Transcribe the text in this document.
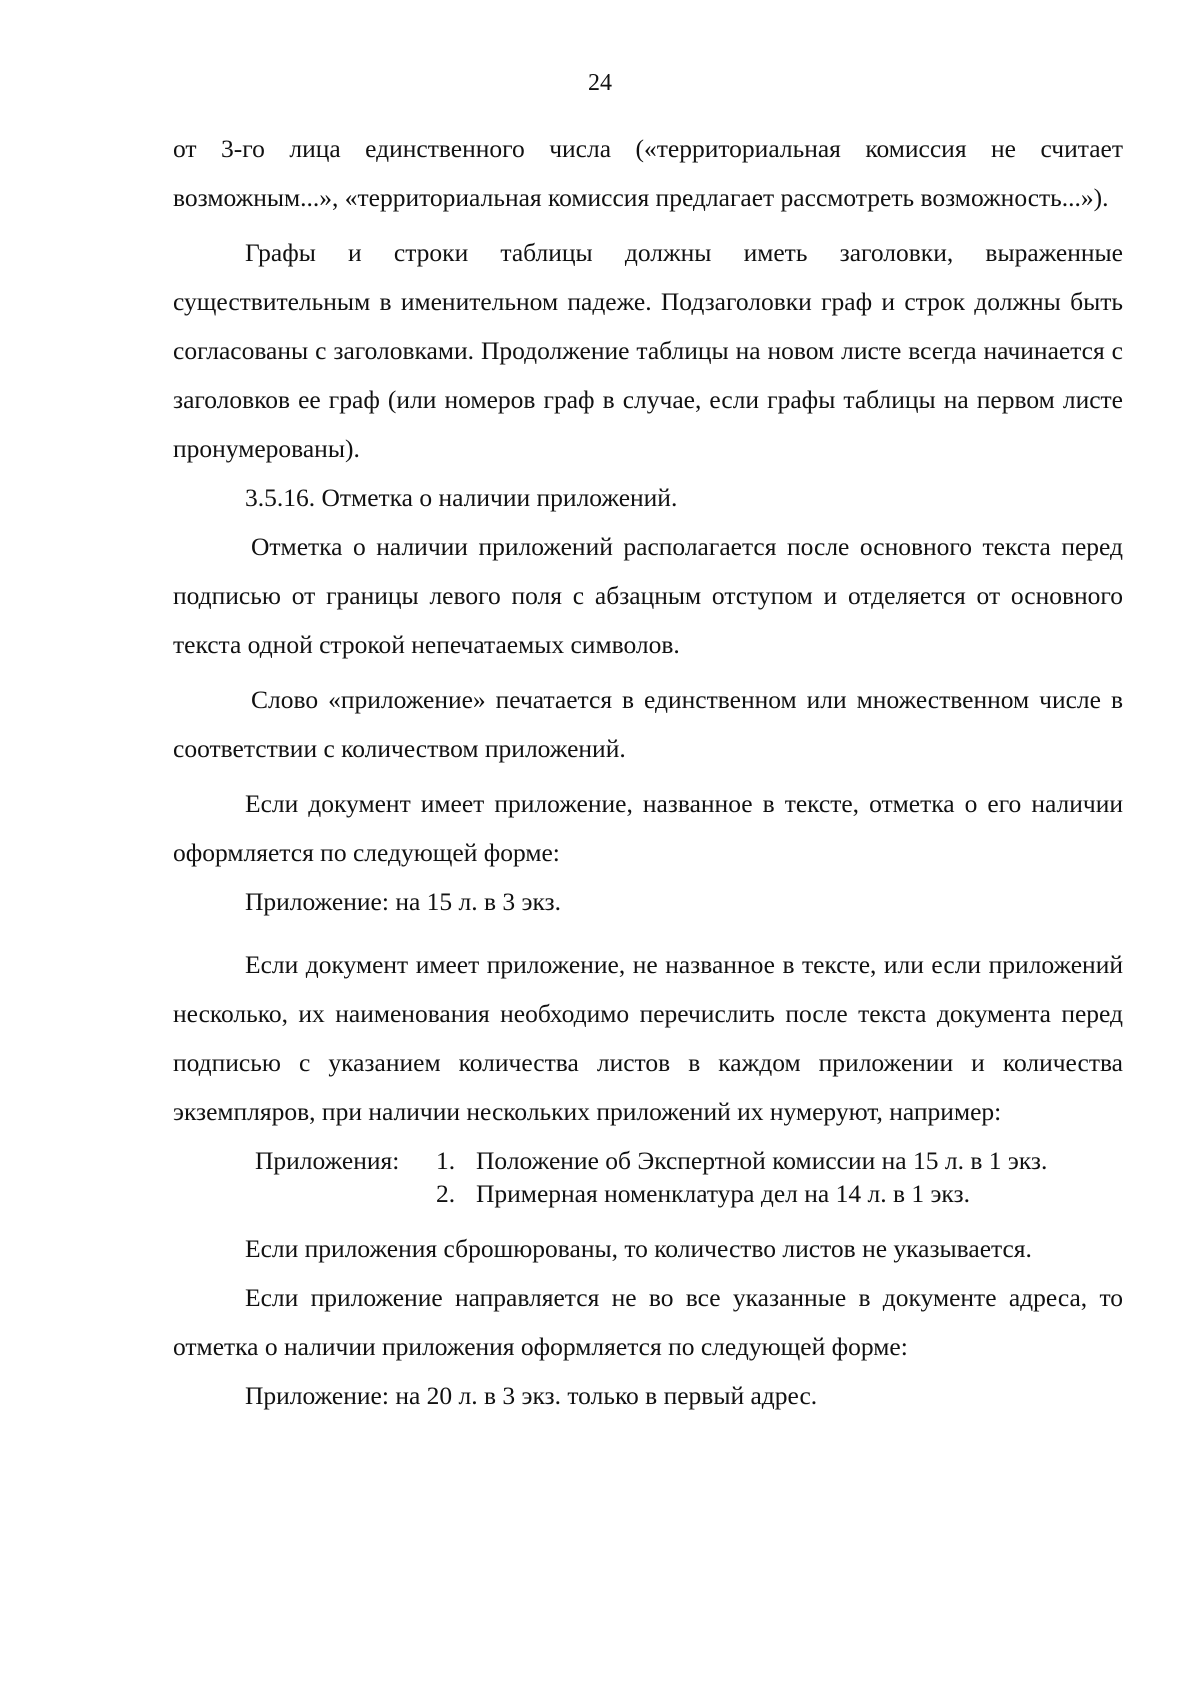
24

от 3-го лица единственного числа («территориальная комиссия не считает возможным...», «территориальная комиссия предлагает рассмотреть возможность...»).

Графы и строки таблицы должны иметь заголовки, выраженные существительным в именительном падеже. Подзаголовки граф и строк должны быть согласованы с заголовками. Продолжение таблицы на новом листе всегда начинается с заголовков ее граф (или номеров граф в случае, если графы таблицы на первом листе пронумерованы).

3.5.16. Отметка о наличии приложений.

Отметка о наличии приложений располагается после основного текста перед подписью от границы левого поля с абзацным отступом и отделяется от основного текста одной строкой непечатаемых символов.

Слово «приложение» печатается в единственном или множественном числе в соответствии с количеством приложений.

Если документ имеет приложение, названное в тексте, отметка о его наличии оформляется по следующей форме:

Приложение: на 15 л. в 3 экз.

Если документ имеет приложение, не названное в тексте, или если приложений несколько, их наименования необходимо перечислить после текста документа перед подписью с указанием количества листов в каждом приложении и количества экземпляров, при наличии нескольких приложений их нумеруют, например:

Приложения:	1. Положение об Экспертной комиссии на 15 л. в 1 экз.
2. Примерная номенклатура дел на 14 л. в 1 экз.

Если приложения сброшюрованы, то количество листов не указывается.

Если приложение направляется не во все указанные в документе адреса, то отметка о наличии приложения оформляется по следующей форме:

Приложение: на 20 л. в 3 экз. только в первый адрес.
